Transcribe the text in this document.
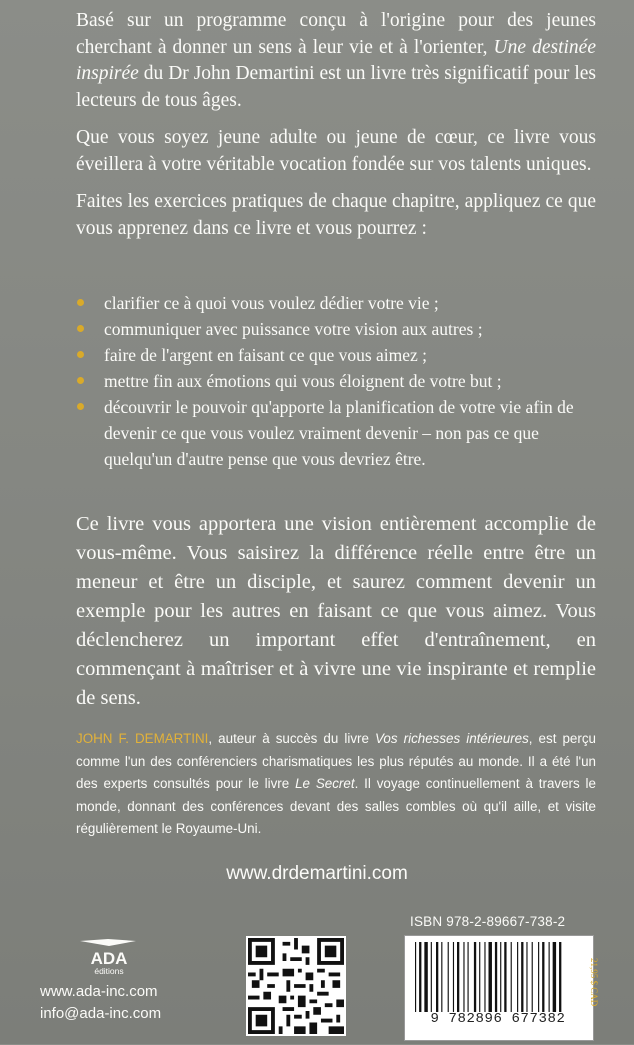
Basé sur un programme conçu à l'origine pour des jeunes cherchant à donner un sens à leur vie et à l'orienter, Une destinée inspirée du Dr John Demartini est un livre très significatif pour les lecteurs de tous âges.

Que vous soyez jeune adulte ou jeune de cœur, ce livre vous éveillera à votre véritable vocation fondée sur vos talents uniques.

Faites les exercices pratiques de chaque chapitre, appliquez ce que vous apprenez dans ce livre et vous pourrez :

clarifier ce à quoi vous voulez dédier votre vie ;
communiquer avec puissance votre vision aux autres ;
faire de l'argent en faisant ce que vous aimez ;
mettre fin aux émotions qui vous éloignent de votre but ;
découvrir le pouvoir qu'apporte la planification de votre vie afin de devenir ce que vous voulez vraiment devenir – non pas ce que quelqu'un d'autre pense que vous devriez être.

Ce livre vous apportera une vision entièrement accomplie de vous-même. Vous saisirez la différence réelle entre être un meneur et être un disciple, et saurez comment devenir un exemple pour les autres en faisant ce que vous aimez. Vous déclencherez un important effet d'entraînement, en commençant à maîtriser et à vivre une vie inspirante et remplie de sens.

JOHN F. DEMARTINI, auteur à succès du livre Vos richesses intérieures, est perçu comme l'un des conférenciers charismatiques les plus réputés au monde. Il a été l'un des experts consultés pour le livre Le Secret. Il voyage continuellement à travers le monde, donnant des conférences devant des salles combles où qu'il aille, et visite régulièrement le Royaume-Uni.

www.drdemartini.com
ADA
éditions
www.ada-inc.com
info@ada-inc.com
ISBN 978-2-89667-738-2
9 782896 677382
21,95 $ CAD
